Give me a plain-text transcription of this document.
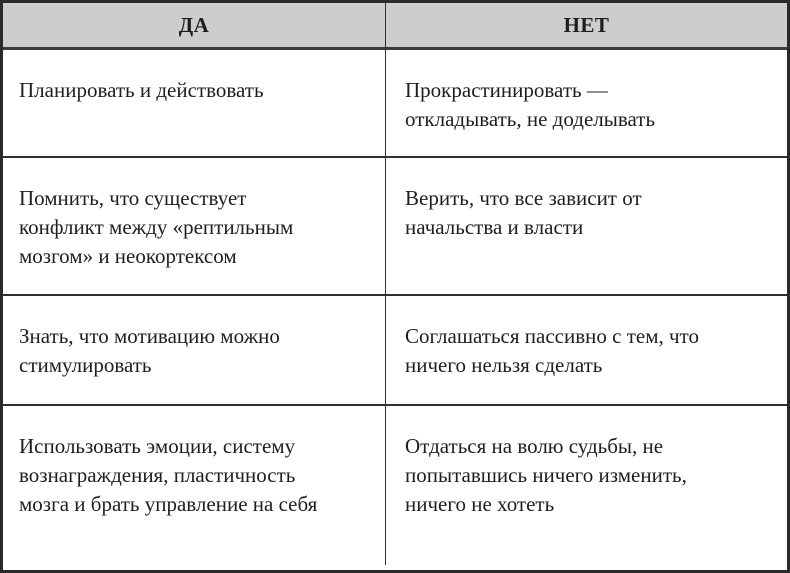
ДА	НЕТ
Планировать и действовать	Прокрастинировать —
откладывать, не доделывать
Помнить, что существует
конфликт между «рептильным
мозгом» и неокортексом
Верить, что все зависит от
начальства и власти
Знать, что мотивацию можно
стимулировать
Соглашаться пассивно с тем, что
ничего нельзя сделать
Использовать эмоции, систему
вознаграждения, пластичность
мозга и брать управление на себя
Отдаться на волю судьбы, не
попытавшись ничего изменить,
ничего не хотеть
